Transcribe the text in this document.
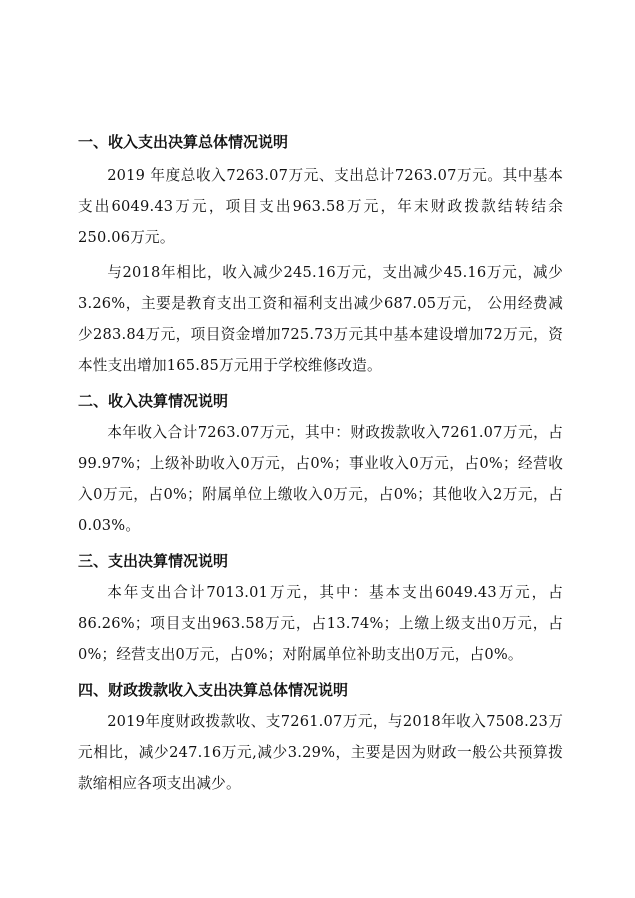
一、收入支出决算总体情况说明

2019 年度总收入7263.07万元、支出总计7263.07万元。其中基本支出6049.43万元，项目支出963.58万元，年末财政拨款结转结余250.06万元。

与2018年相比，收入减少245.16万元，支出减少45.16万元，减少3.26%，主要是教育支出工资和福利支出减少687.05万元， 公用经费减少283.84万元，项目资金增加725.73万元其中基本建设增加72万元，资本性支出增加165.85万元用于学校维修改造。

二、收入决算情况说明

本年收入合计7263.07万元，其中：财政拨款收入7261.07万元，占99.97%；上级补助收入0万元，占0%；事业收入0万元，占0%；经营收入0万元，占0%；附属单位上缴收入0万元，占0%；其他收入2万元，占0.03%。

三、支出决算情况说明

本年支出合计7013.01万元，其中：基本支出6049.43万元，占86.26%；项目支出963.58万元，占13.74%；上缴上级支出0万元，占0%；经营支出0万元，占0%；对附属单位补助支出0万元，占0%。

四、财政拨款收入支出决算总体情况说明

2019年度财政拨款收、支7261.07万元，与2018年收入7508.23万元相比，减少247.16万元,减少3.29%，主要是因为财政一般公共预算拨款缩相应各项支出减少。
